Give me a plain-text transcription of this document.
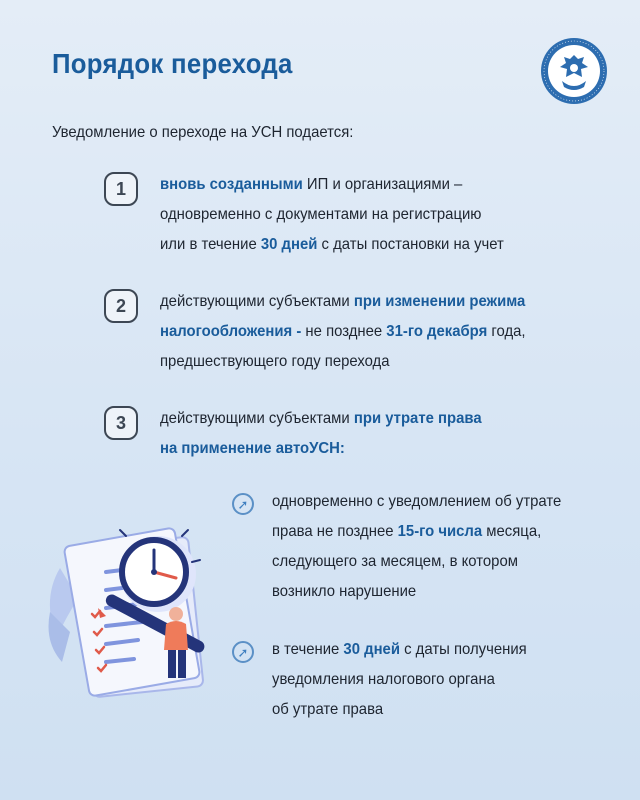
Порядок перехода
Уведомление о переходе на УСН подается:
1	вновь созданными ИП и организациями –
одновременно с документами на регистрацию
или в течение 30 дней с даты постановки на учет
2	действующими субъектами при изменении режима
налогообложения - не позднее 31-го декабря года,
предшествующего году перехода
3	действующими субъектами при утрате права
на применение автоУСН:
➚	одновременно с уведомлением об утрате
права не позднее 15-го числа месяца,
следующего за месяцем, в котором
возникло нарушение
➚	в течение 30 дней с даты получения
уведомления налогового органа
об утрате права
